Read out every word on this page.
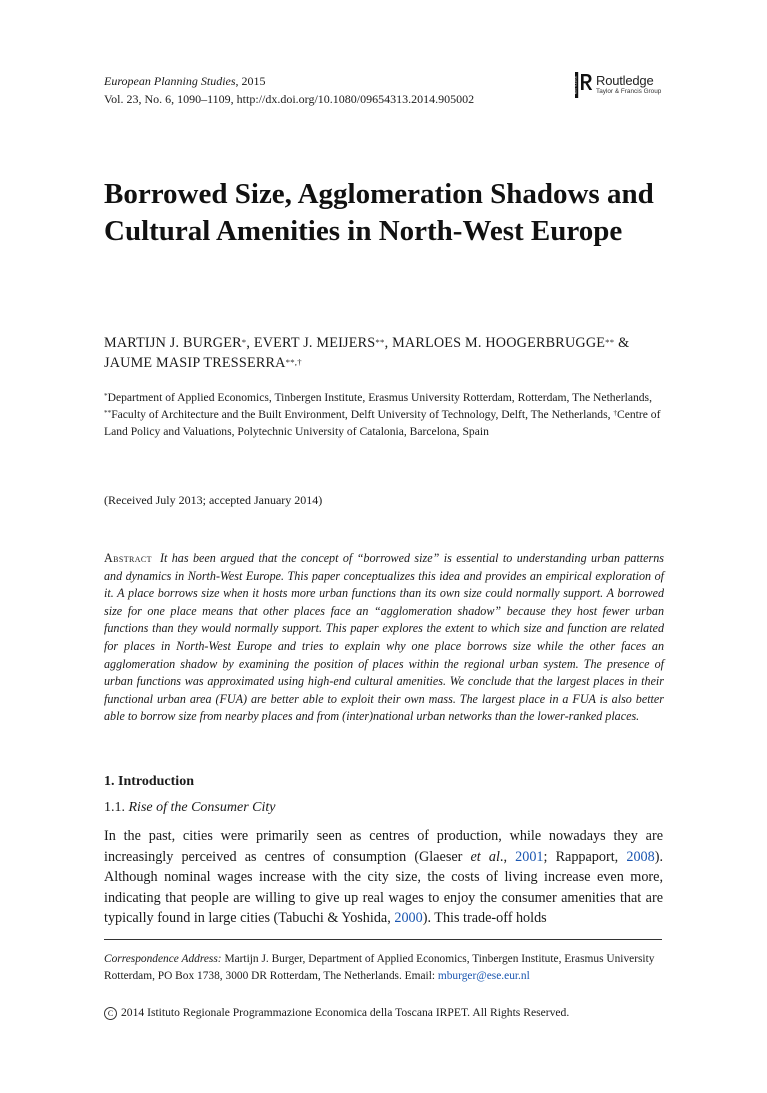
European Planning Studies, 2015
Vol. 23, No. 6, 1090–1109, http://dx.doi.org/10.1080/09654313.2014.905002
ROUTLEDGE Routledge
Taylor & Francis Group
Borrowed Size, Agglomeration Shadows and Cultural Amenities in North-West Europe
MARTIJN J. BURGER*, EVERT J. MEIJERS**, MARLOES M. HOOGERBRUGGE** & JAUME MASIP TRESSERRA**,†
*Department of Applied Economics, Tinbergen Institute, Erasmus University Rotterdam, Rotterdam, The Netherlands, **Faculty of Architecture and the Built Environment, Delft University of Technology, Delft, The Netherlands, †Centre of Land Policy and Valuations, Polytechnic University of Catalonia, Barcelona, Spain
(Received July 2013; accepted January 2014)
Abstract It has been argued that the concept of “borrowed size” is essential to understanding urban patterns and dynamics in North-West Europe. This paper conceptualizes this idea and provides an empirical exploration of it. A place borrows size when it hosts more urban functions than its own size could normally support. A borrowed size for one place means that other places face an “agglomeration shadow” because they host fewer urban functions than they would normally support. This paper explores the extent to which size and function are related for places in North-West Europe and tries to explain why one place borrows size while the other faces an agglomeration shadow by examining the position of places within the regional urban system. The presence of urban functions was approximated using high-end cultural amenities. We conclude that the largest places in their functional urban area (FUA) are better able to exploit their own mass. The largest place in a FUA is also better able to borrow size from nearby places and from (inter)national urban networks than the lower-ranked places.
1. Introduction
1.1. Rise of the Consumer City

In the past, cities were primarily seen as centres of production, while nowadays they are increasingly perceived as centres of consumption (Glaeser et al., 2001; Rappaport, 2008). Although nominal wages increase with the city size, the costs of living increase even more, indicating that people are willing to give up real wages to enjoy the consumer amenities that are typically found in large cities (Tabuchi & Yoshida, 2000). This trade-off holds

Correspondence Address: Martijn J. Burger, Department of Applied Economics, Tinbergen Institute, Erasmus University Rotterdam, PO Box 1738, 3000 DR Rotterdam, The Netherlands. Email: mburger@ese.eur.nl
C 2014 Istituto Regionale Programmazione Economica della Toscana IRPET. All Rights Reserved.
